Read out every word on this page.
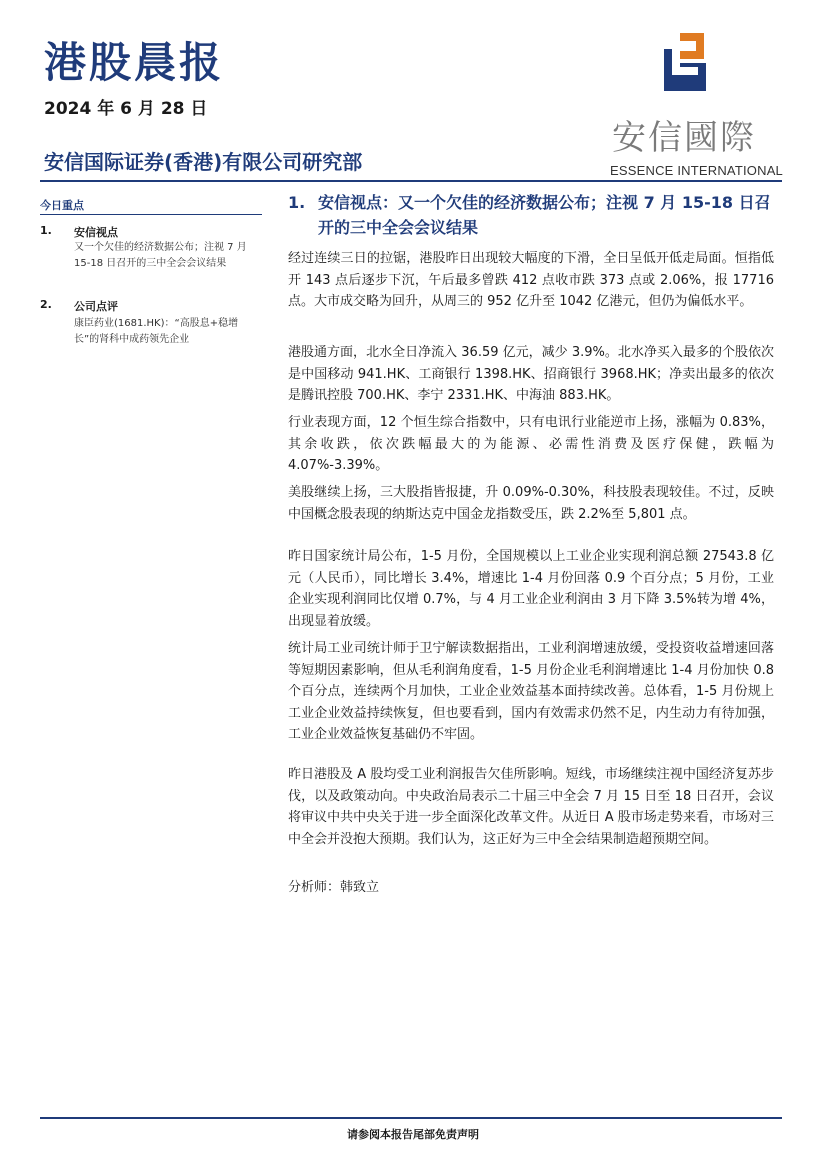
港股晨报
2024 年 6 月 28 日
安信国际证券(香港)有限公司研究部
安信國際
ESSENCE INTERNATIONAL
今日重点
1. 安信视点
又一个欠佳的经济数据公布；注视 7 月 15-18 日召开的三中全会会议结果
2. 公司点评
康臣药业(1681.HK)：“高股息+稳增长”的肾科中成药领先企业
1. 安信视点：又一个欠佳的经济数据公布；注视 7 月 15-18 日召开的三中全会会议结果

经过连续三日的拉锯，港股昨日出现较大幅度的下滑，全日呈低开低走局面。恒指低开 143 点后逐步下沉，午后最多曾跌 412 点收市跌 373 点或 2.06%，报 17716 点。大市成交略为回升，从周三的 952 亿升至 1042 亿港元，但仍为偏低水平。

港股通方面，北水全日净流入 36.59 亿元，减少 3.9%。北水净买入最多的个股依次是中国移动 941.HK、工商银行 1398.HK、招商银行 3968.HK；净卖出最多的依次是腾讯控股 700.HK、李宁 2331.HK、中海油 883.HK。

行业表现方面，12 个恒生综合指数中，只有电讯行业能逆市上扬，涨幅为 0.83%，其余收跌，依次跌幅最大的为能源、必需性消费及医疗保健，跌幅为 4.07%-3.39%。

美股继续上扬，三大股指皆报捷，升 0.09%-0.30%，科技股表现较佳。不过，反映中国概念股表现的纳斯达克中国金龙指数受压，跌 2.2%至 5,801 点。

昨日国家统计局公布，1-5 月份，全国规模以上工业企业实现利润总额 27543.8 亿元（人民币），同比增长 3.4%，增速比 1-4 月份回落 0.9 个百分点；5 月份，工业企业实现利润同比仅增 0.7%，与 4 月工业企业利润由 3 月下降 3.5%转为增 4%，出现显着放缓。

统计局工业司统计师于卫宁解读数据指出，工业利润增速放缓，受投资收益增速回落等短期因素影响，但从毛利润角度看，1-5 月份企业毛利润增速比 1-4 月份加快 0.8 个百分点，连续两个月加快，工业企业效益基本面持续改善。总体看，1-5 月份规上工业企业效益持续恢复，但也要看到，国内有效需求仍然不足，内生动力有待加强，工业企业效益恢复基础仍不牢固。

昨日港股及 A 股均受工业利润报告欠佳所影响。短线，市场继续注视中国经济复苏步伐，以及政策动向。中央政治局表示二十届三中全会 7 月 15 日至 18 日召开，会议将审议中共中央关于进一步全面深化改革文件。从近日 A 股市场走势来看，市场对三中全会并没抱大预期。我们认为，这正好为三中全会结果制造超预期空间。

分析师：韩致立
请参阅本报告尾部免责声明
